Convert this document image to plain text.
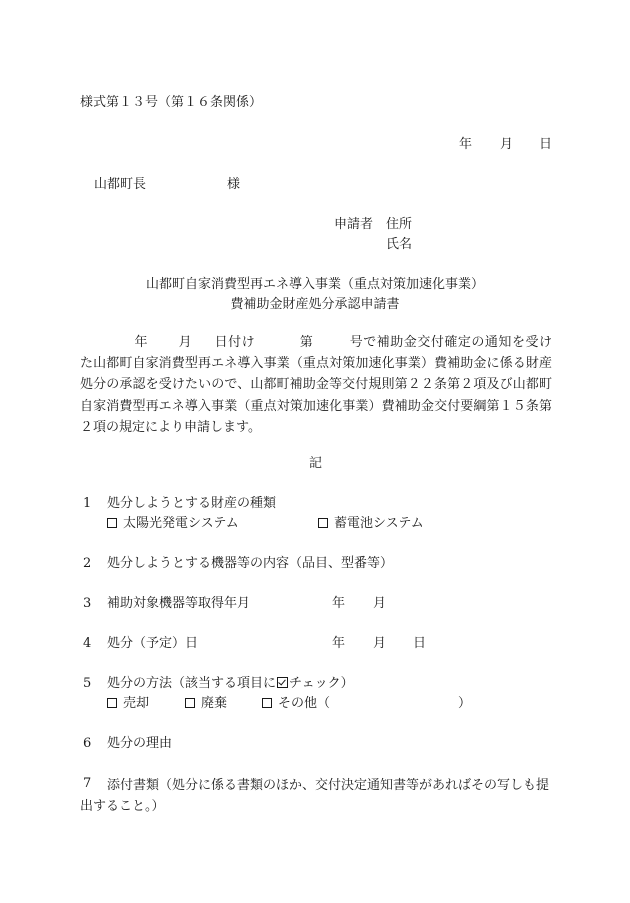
様式第１３号（第１６条関係）
年 月 日
山都町長	様
申請者 住所
氏名
山都町自家消費型再エネ導入事業（重点対策加速化事業）
費補助金財産処分承認申請書
年 月 日付け	第	号で補助金交付確定の通知を受けた山都町自家消費型再エネ導入事業（重点対策加速化事業）費補助金に係る財産処分の承認を受けたいので、山都町補助金等交付規則第２２条第２項及び山都町自家消費型再エネ導入事業（重点対策加速化事業）費補助金交付要綱第１５条第２項の規定により申請します。
記
1 処分しようとする財産の種類
太陽光発電システム	蓄電池システム
2 処分しようとする機器等の内容（品目、型番等）
3 補助対象機器等取得年月	年 月
4 処分（予定）日	年 月 日
5 処分の方法（該当する項目に チェック）
売却	廃棄	その他（	）
6 処分の理由
7	添付書類（処分に係る書類のほか、交付決定通知書等があればその写しも提出すること。）
